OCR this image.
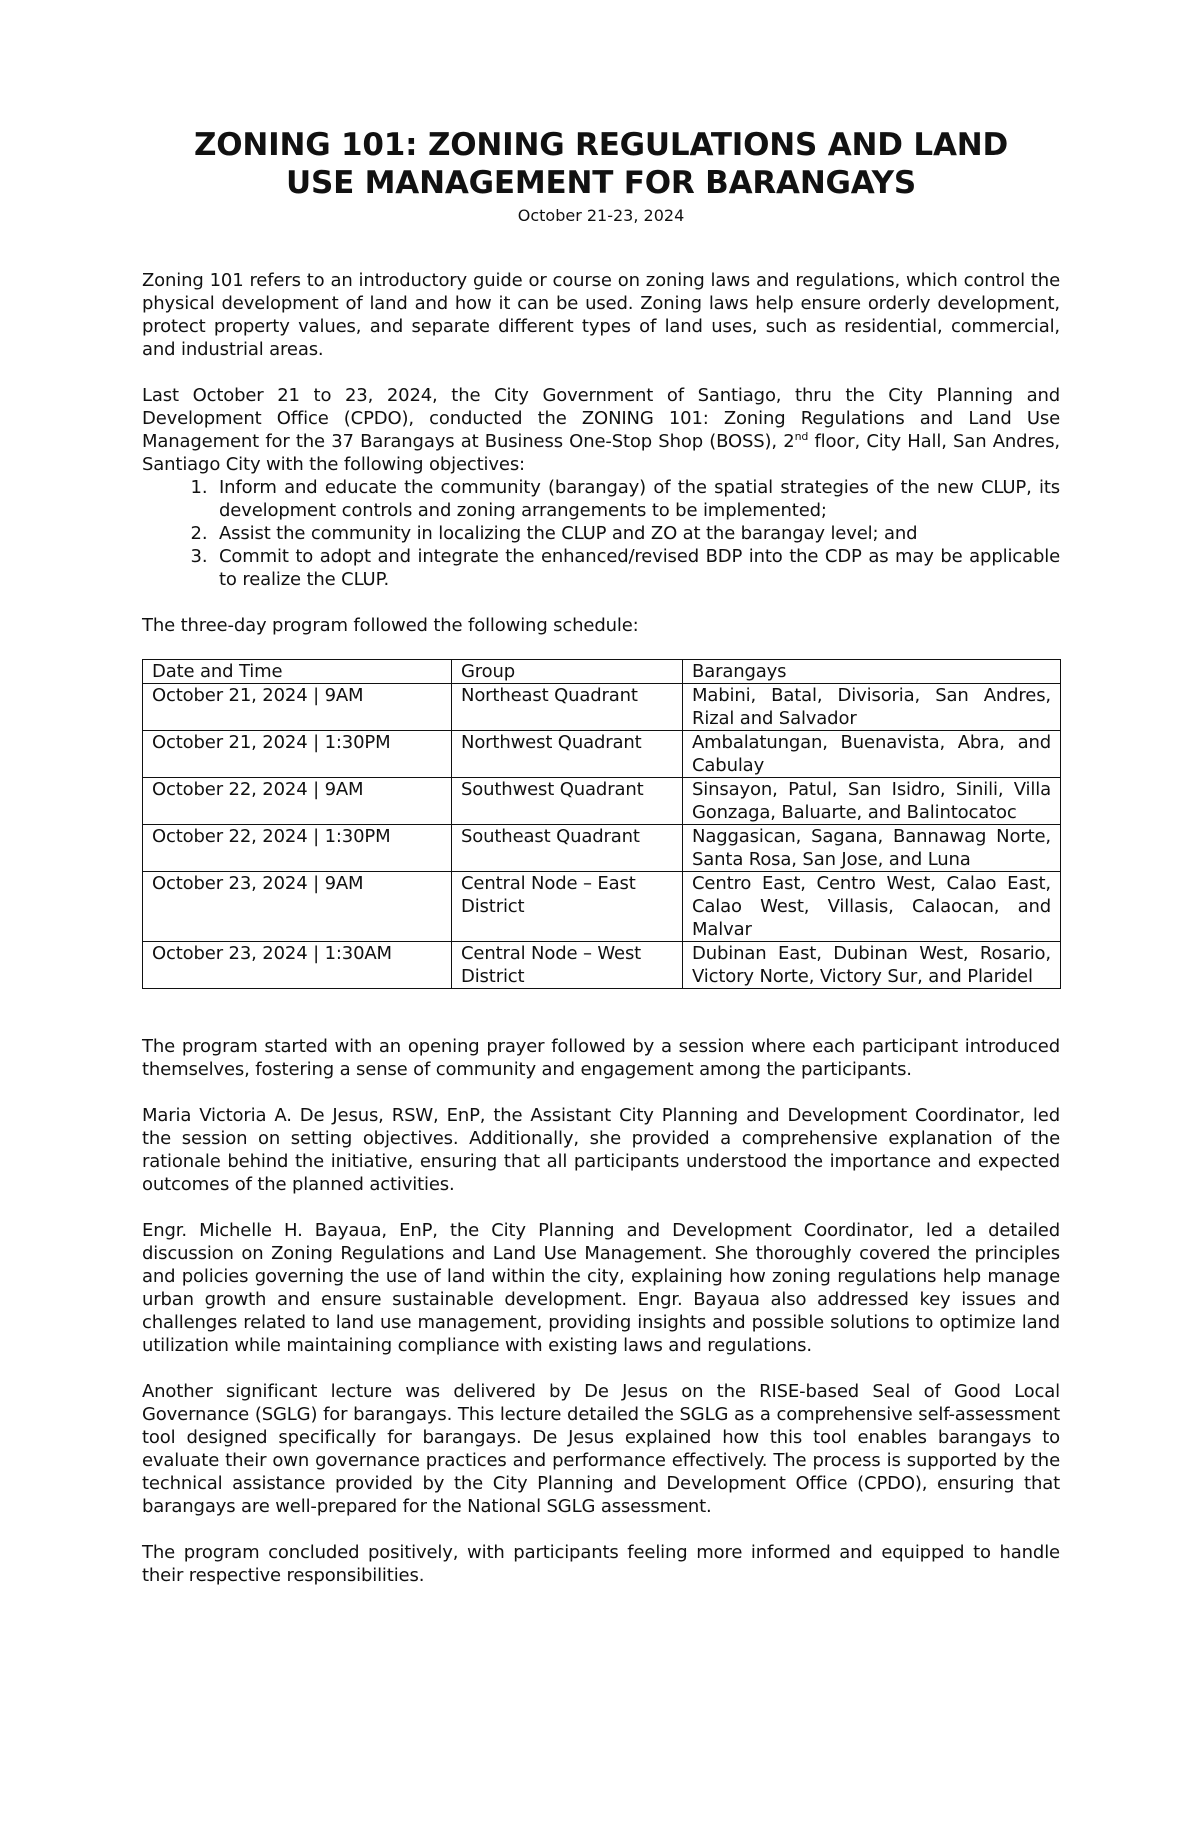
ZONING 101: ZONING REGULATIONS AND LAND
USE MANAGEMENT FOR BARANGAYS
October 21-23, 2024

Zoning 101 refers to an introductory guide or course on zoning laws and regulations, which control the physical development of land and how it can be used. Zoning laws help ensure orderly development, protect property values, and separate different types of land uses, such as residential, commercial, and industrial areas.

Last October 21 to 23, 2024, the City Government of Santiago, thru the City Planning and Development Office (CPDO), conducted the ZONING 101: Zoning Regulations and Land Use Management for the 37 Barangays at Business One-Stop Shop (BOSS), 2nd floor, City Hall, San Andres, Santiago City with the following objectives:

1. Inform and educate the community (barangay) of the spatial strategies of the new CLUP, its development controls and zoning arrangements to be implemented;
2. Assist the community in localizing the CLUP and ZO at the barangay level; and
3. Commit to adopt and integrate the enhanced/revised BDP into the CDP as may be applicable to realize the CLUP.

The three-day program followed the following schedule:

Date and Time	Group	Barangays
October 21, 2024 | 9AM	Northeast Quadrant	Mabini, Batal, Divisoria, San Andres, Rizal and Salvador
October 21, 2024 | 1:30PM	Northwest Quadrant	Ambalatungan, Buenavista, Abra, and Cabulay
October 22, 2024 | 9AM	Southwest Quadrant	Sinsayon, Patul, San Isidro, Sinili, Villa Gonzaga, Baluarte, and Balintocatoc
October 22, 2024 | 1:30PM	Southeast Quadrant	Naggasican, Sagana, Bannawag Norte, Santa Rosa, San Jose, and Luna
October 23, 2024 | 9AM	Central Node – East District	Centro East, Centro West, Calao East, Calao West, Villasis, Calaocan, and Malvar
October 23, 2024 | 1:30AM	Central Node – West District	Dubinan East, Dubinan West, Rosario, Victory Norte, Victory Sur, and Plaridel

The program started with an opening prayer followed by a session where each participant introduced themselves, fostering a sense of community and engagement among the participants.

Maria Victoria A. De Jesus, RSW, EnP, the Assistant City Planning and Development Coordinator, led the session on setting objectives. Additionally, she provided a comprehensive explanation of the rationale behind the initiative, ensuring that all participants understood the importance and expected outcomes of the planned activities.

Engr. Michelle H. Bayaua, EnP, the City Planning and Development Coordinator, led a detailed discussion on Zoning Regulations and Land Use Management. She thoroughly covered the principles and policies governing the use of land within the city, explaining how zoning regulations help manage urban growth and ensure sustainable development. Engr. Bayaua also addressed key issues and challenges related to land use management, providing insights and possible solutions to optimize land utilization while maintaining compliance with existing laws and regulations.

Another significant lecture was delivered by De Jesus on the RISE-based Seal of Good Local Governance (SGLG) for barangays. This lecture detailed the SGLG as a comprehensive self-assessment tool designed specifically for barangays. De Jesus explained how this tool enables barangays to evaluate their own governance practices and performance effectively. The process is supported by the technical assistance provided by the City Planning and Development Office (CPDO), ensuring that barangays are well-prepared for the National SGLG assessment.

The program concluded positively, with participants feeling more informed and equipped to handle their respective responsibilities.
